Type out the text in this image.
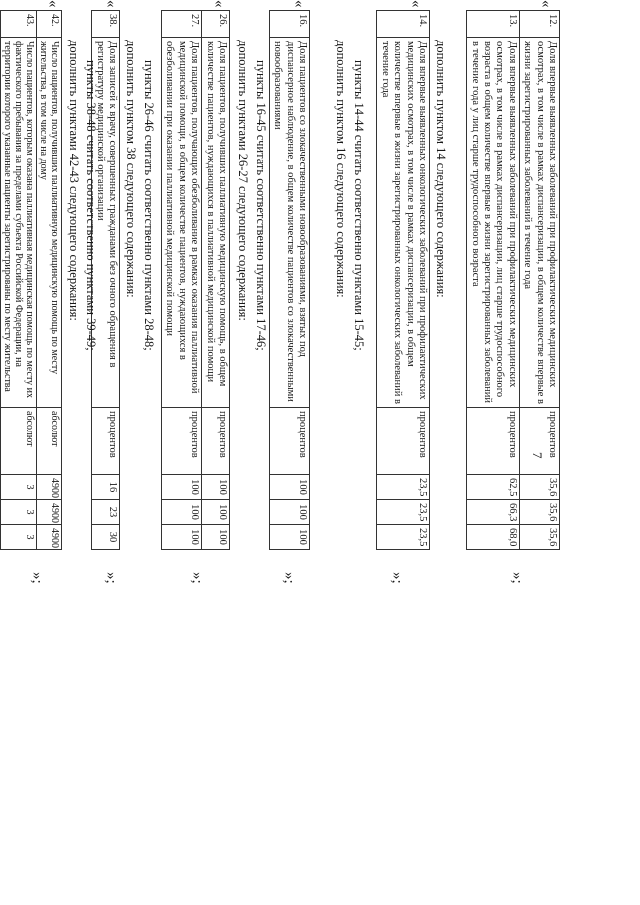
7
«
»;
12.	Доля впервые выявленных заболеваний при профилактических медицинских осмотрах, в том числе в рамках диспансеризации, в общем количестве впервые в жизни зарегистрированных заболеваний в течение года	процентов	35,6	35,6	35,6
13.	Доля впервые выявленных заболеваний при профилактических медицинских осмотрах, в том числе в рамках диспансеризации, лиц старше трудоспособного возраста в общем количестве впервые в жизни зарегистрированных заболеваний в течение года у лиц старше трудоспособного возраста	процентов	62,5	66,3	68,0
дополнить пунктом 14 следующего содержания:
«
»;
14.	Доля впервые выявленных онкологических заболеваний при профилактических медицинских осмотрах, в том числе в рамках диспансеризации, в общем количестве впервые в жизни зарегистрированных онкологических заболеваний в течение года	процентов	23,5	23,5	23,5
пункты 14-44 считать соответственно пунктами 15-45;
дополнить пунктом 16 следующего содержания:
«
»;
16.	Доля пациентов со злокачественными новообразованиями, взятых под диспансерное наблюдение, в общем количестве пациентов со злокачественными новообразованиями	процентов	100	100	100
пункты 16-45 считать соответственно пунктами 17-46;
дополнить пунктами 26-27 следующего содержания:
«
»;
26.	Доля пациентов, получивших паллиативную медицинскую помощь, в общем количестве пациентов, нуждающихся в паллиативной медицинской помощи	процентов	100	100	100
27.	Доля пациентов, получающих обезболивание в рамках оказания паллиативной медицинской помощи, в общем количестве пациентов, нуждающихся в обезболивании при оказании паллиативной медицинской помощи	процентов	100	100	100
пункты 26-46 считать соответственно пунктами 28-48;
дополнить пунктом 38 следующего содержания:
«
»;
38.	Доля записей к врачу, совершенных гражданами без очного обращения в регистратуру медицинской организации	процентов	16	23	30
пункты 38-48 считать соответственно пунктами 39-49;
дополнить пунктами 42-43 следующего содержания:
«
»;
42.	Число пациентов, получивших паллиативную медицинскую помощь по месту жительства, в том числе на дому	абсолют	4900	4900	4900
43.	Число пациентов, которым оказана паллиативная медицинская помощь по месту их фактического пребывания за пределами субъекта Российской Федерации, на территории которого указанные пациенты зарегистрированы по месту жительства	абсолют	3	3	3
